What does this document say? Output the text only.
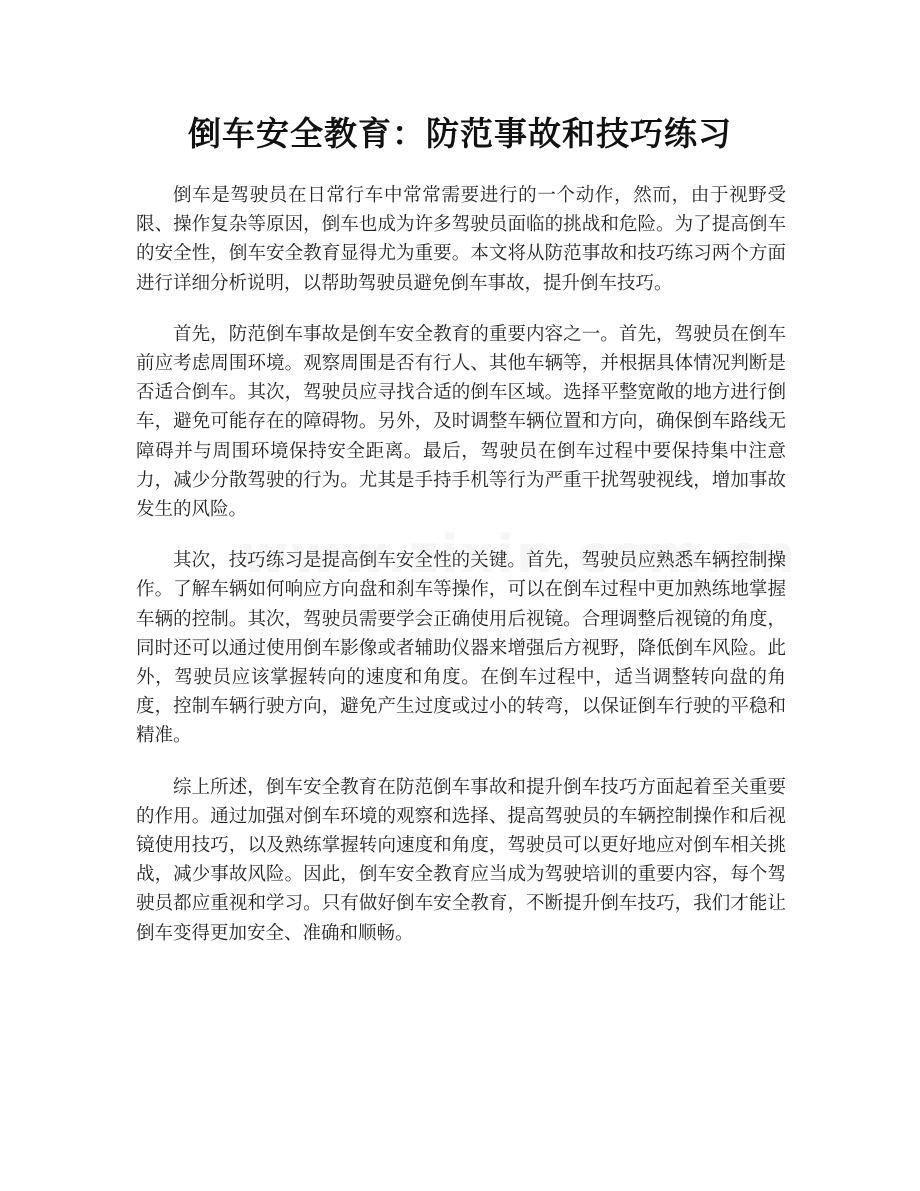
倒车安全教育：防范事故和技巧练习

倒车是驾驶员在日常行车中常常需要进行的一个动作，然而，由于视野受限、操作复杂等原因，倒车也成为许多驾驶员面临的挑战和危险。为了提高倒车的安全性，倒车安全教育显得尤为重要。本文将从防范事故和技巧练习两个方面进行详细分析说明，以帮助驾驶员避免倒车事故，提升倒车技巧。

首先，防范倒车事故是倒车安全教育的重要内容之一。首先，驾驶员在倒车前应考虑周围环境。观察周围是否有行人、其他车辆等，并根据具体情况判断是否适合倒车。其次，驾驶员应寻找合适的倒车区域。选择平整宽敞的地方进行倒车，避免可能存在的障碍物。另外，及时调整车辆位置和方向，确保倒车路线无障碍并与周围环境保持安全距离。最后，驾驶员在倒车过程中要保持集中注意力，减少分散驾驶的行为。尤其是手持手机等行为严重干扰驾驶视线，增加事故发生的风险。

其次，技巧练习是提高倒车安全性的关键。首先，驾驶员应熟悉车辆控制操作。了解车辆如何响应方向盘和刹车等操作，可以在倒车过程中更加熟练地掌握车辆的控制。其次，驾驶员需要学会正确使用后视镜。合理调整后视镜的角度，同时还可以通过使用倒车影像或者辅助仪器来增强后方视野，降低倒车风险。此外，驾驶员应该掌握转向的速度和角度。在倒车过程中，适当调整转向盘的角度，控制车辆行驶方向，避免产生过度或过小的转弯，以保证倒车行驶的平稳和精准。

综上所述，倒车安全教育在防范倒车事故和提升倒车技巧方面起着至关重要的作用。通过加强对倒车环境的观察和选择、提高驾驶员的车辆控制操作和后视镜使用技巧，以及熟练掌握转向速度和角度，驾驶员可以更好地应对倒车相关挑战，减少事故风险。因此，倒车安全教育应当成为驾驶培训的重要内容，每个驾驶员都应重视和学习。只有做好倒车安全教育，不断提升倒车技巧，我们才能让倒车变得更加安全、准确和顺畅。
